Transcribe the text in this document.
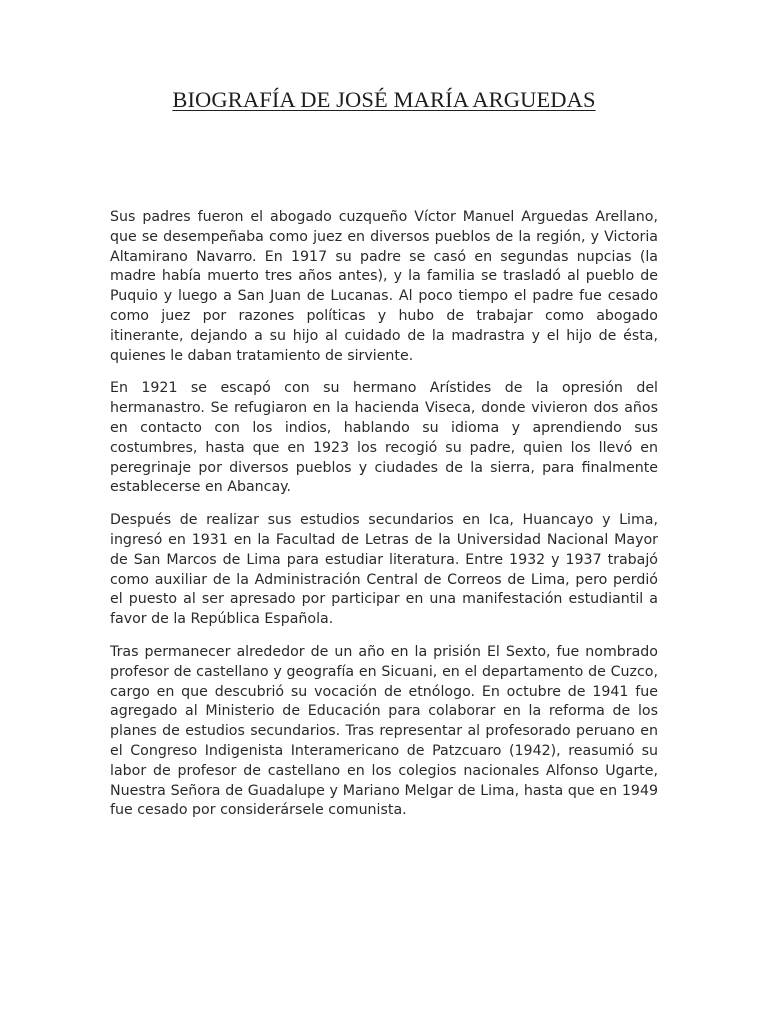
BIOGRAFÍA DE JOSÉ MARÍA ARGUEDAS

Sus padres fueron el abogado cuzqueño Víctor Manuel Arguedas Arellano, que se desempeñaba como juez en diversos pueblos de la región, y Victoria Altamirano Navarro. En 1917 su padre se casó en segundas nupcias (la madre había muerto tres años antes), y la familia se trasladó al pueblo de Puquio y luego a San Juan de Lucanas. Al poco tiempo el padre fue cesado como juez por razones políticas y hubo de trabajar como abogado itinerante, dejando a su hijo al cuidado de la madrastra y el hijo de ésta, quienes le daban tratamiento de sirviente.

En 1921 se escapó con su hermano Arístides de la opresión del hermanastro. Se refugiaron en la hacienda Viseca, donde vivieron dos años en contacto con los indios, hablando su idioma y aprendiendo sus costumbres, hasta que en 1923 los recogió su padre, quien los llevó en peregrinaje por diversos pueblos y ciudades de la sierra, para finalmente establecerse en Abancay.

Después de realizar sus estudios secundarios en Ica, Huancayo y Lima, ingresó en 1931 en la Facultad de Letras de la Universidad Nacional Mayor de San Marcos de Lima para estudiar literatura. Entre 1932 y 1937 trabajó como auxiliar de la Administración Central de Correos de Lima, pero perdió el puesto al ser apresado por participar en una manifestación estudiantil a favor de la República Española.

Tras permanecer alrededor de un año en la prisión El Sexto, fue nombrado profesor de castellano y geografía en Sicuani, en el departamento de Cuzco, cargo en que descubrió su vocación de etnólogo. En octubre de 1941 fue agregado al Ministerio de Educación para colaborar en la reforma de los planes de estudios secundarios. Tras representar al profesorado peruano en el Congreso Indigenista Interamericano de Patzcuaro (1942), reasumió su labor de profesor de castellano en los colegios nacionales Alfonso Ugarte, Nuestra Señora de Guadalupe y Mariano Melgar de Lima, hasta que en 1949 fue cesado por considerársele comunista.
